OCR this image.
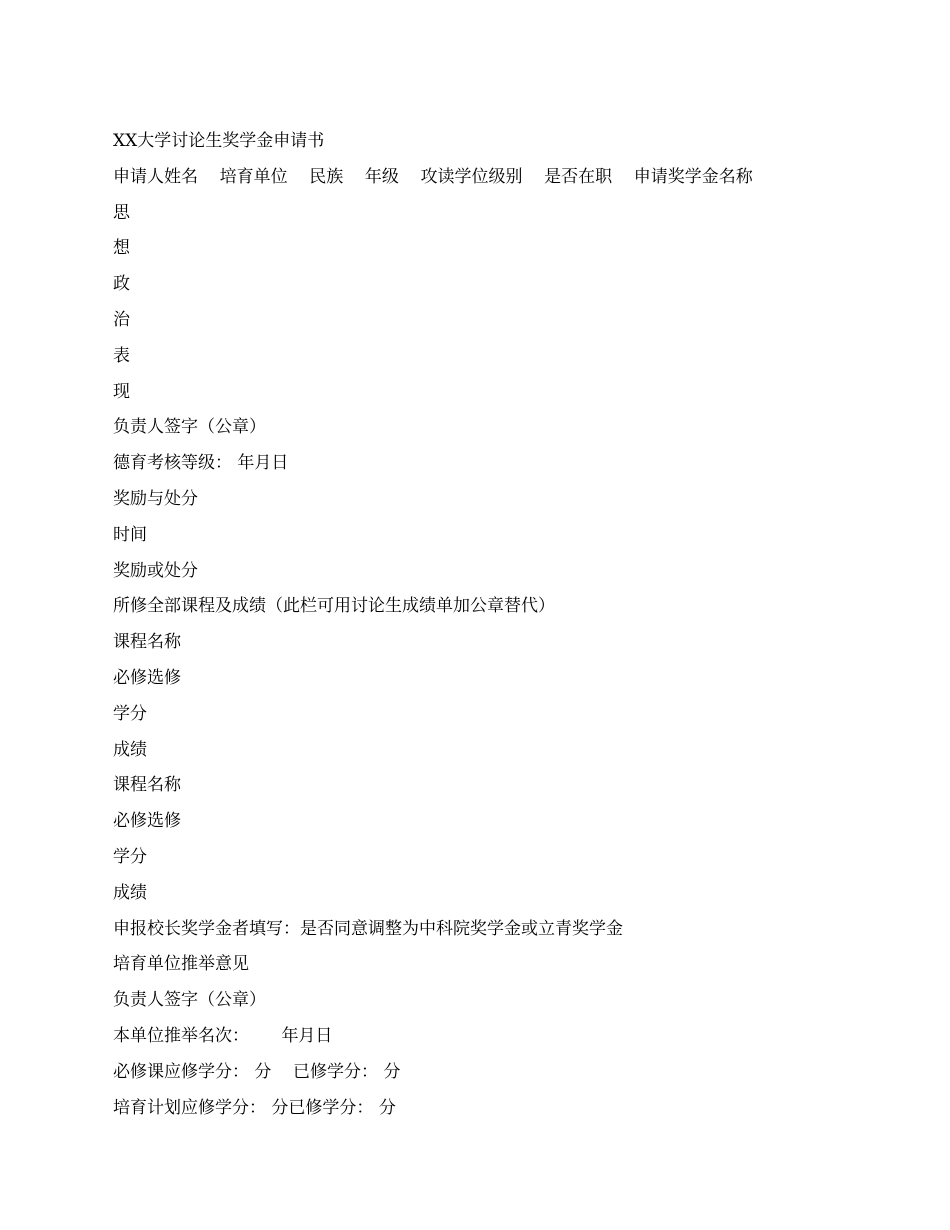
XX大学讨论生奖学金申请书
申请人姓名 培育单位 民族 年级 攻读学位级别 是否在职 申请奖学金名称
思
想
政
治
表
现
负责人签字（公章）
德育考核等级： 年月日
奖励与处分
时间
奖励或处分
所修全部课程及成绩（此栏可用讨论生成绩单加公章替代）
课程名称
必修选修
学分
成绩
课程名称
必修选修
学分
成绩
申报校长奖学金者填写：是否同意调整为中科院奖学金或立青奖学金
培育单位推举意见
负责人签字（公章）
本单位推举名次： 年月日
必修课应修学分： 分 已修学分： 分
培育计划应修学分： 分已修学分： 分
